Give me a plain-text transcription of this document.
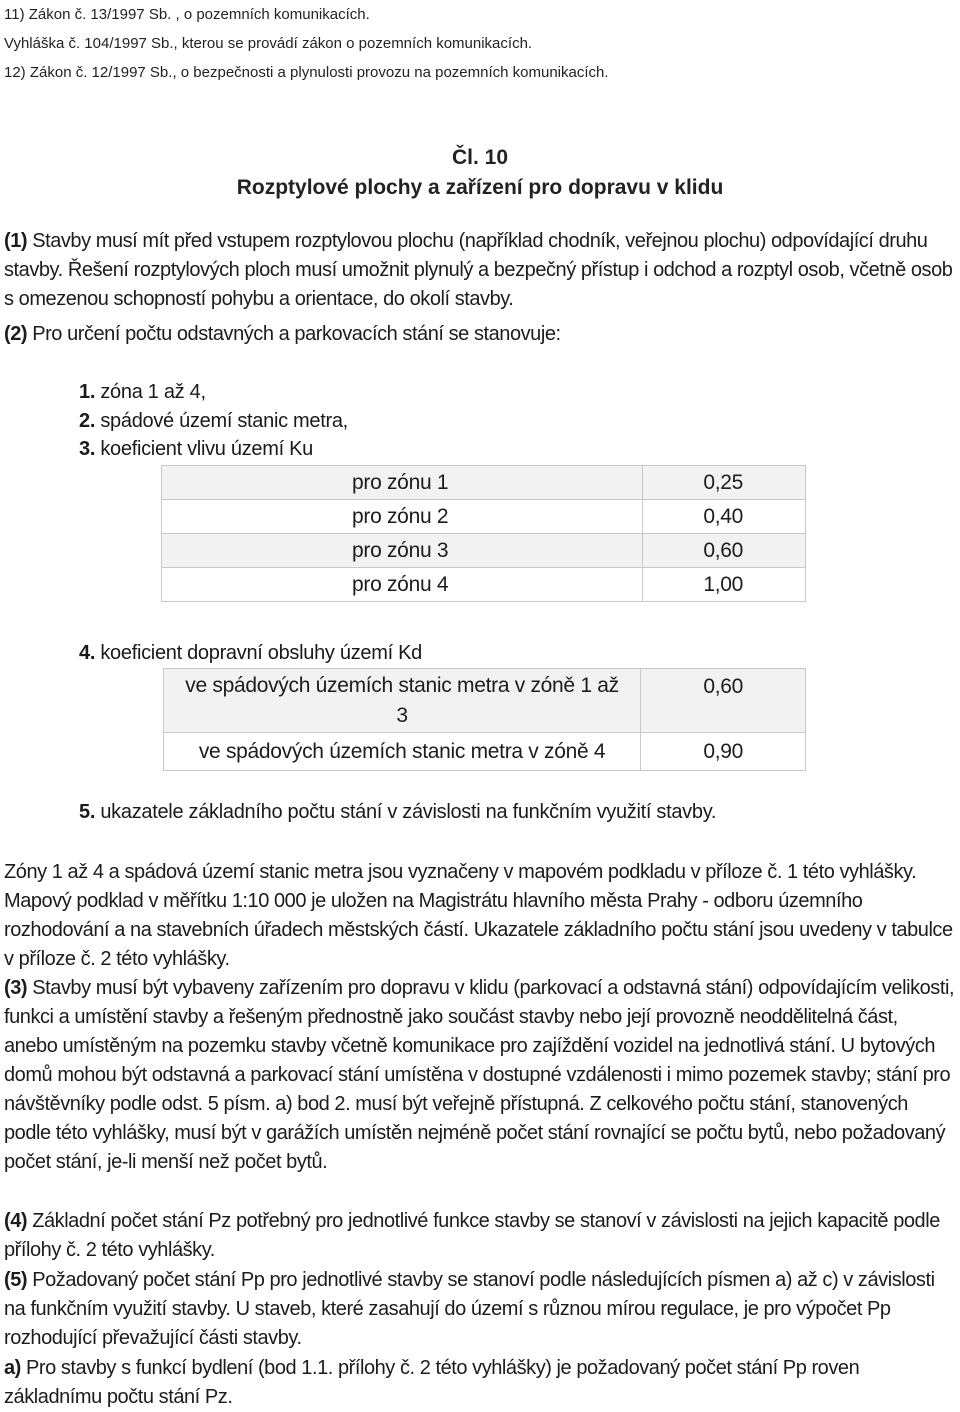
11) Zákon č. 13/1997 Sb. , o pozemních komunikacích.
Vyhláška č. 104/1997 Sb., kterou se provádí zákon o pozemních komunikacích.
12) Zákon č. 12/1997 Sb., o bezpečnosti a plynulosti provozu na pozemních komunikacích.
Čl. 10
Rozptylové plochy a zařízení pro dopravu v klidu

(1) Stavby musí mít před vstupem rozptylovou plochu (například chodník, veřejnou plochu) odpovídající druhu stavby. Řešení rozptylových ploch musí umožnit plynulý a bezpečný přístup i odchod a rozptyl osob, včetně osob s omezenou schopností pohybu a orientace, do okolí stavby.

(2) Pro určení počtu odstavných a parkovacích stání se stanovuje:

1. zóna 1 až 4,
2. spádové území stanic metra,
3. koeficient vlivu území Ku
pro zónu 1	0,25
pro zónu 2	0,40
pro zónu 3	0,60
pro zónu 4	1,00
4. koeficient dopravní obsluhy území Kd
ve spádových územích stanic metra v zóně 1 až 3	0,60
ve spádových územích stanic metra v zóně 4	0,90
5. ukazatele základního počtu stání v závislosti na funkčním využití stavby.

Zóny 1 až 4 a spádová území stanic metra jsou vyznačeny v mapovém podkladu v příloze č. 1 této vyhlášky. Mapový podklad v měřítku 1:10 000 je uložen na Magistrátu hlavního města Prahy - odboru územního rozhodování a na stavebních úřadech městských částí. Ukazatele základního počtu stání jsou uvedeny v tabulce v příloze č. 2 této vyhlášky.

(3) Stavby musí být vybaveny zařízením pro dopravu v klidu (parkovací a odstavná stání) odpovídajícím velikosti, funkci a umístění stavby a řešeným přednostně jako součást stavby nebo její provozně neoddělitelná část, anebo umístěným na pozemku stavby včetně komunikace pro zajíždění vozidel na jednotlivá stání. U bytových domů mohou být odstavná a parkovací stání umístěna v dostupné vzdálenosti i mimo pozemek stavby; stání pro návštěvníky podle odst. 5 písm. a) bod 2. musí být veřejně přístupná. Z celkového počtu stání, stanovených podle této vyhlášky, musí být v garážích umístěn nejméně počet stání rovnající se počtu bytů, nebo požadovaný počet stání, je-li menší než počet bytů.

(4) Základní počet stání Pz potřebný pro jednotlivé funkce stavby se stanoví v závislosti na jejich kapacitě podle přílohy č. 2 této vyhlášky.

(5) Požadovaný počet stání Pp pro jednotlivé stavby se stanoví podle následujících písmen a) až c) v závislosti na funkčním využití stavby. U staveb, které zasahují do území s různou mírou regulace, je pro výpočet Pp rozhodující převažující části stavby.

a) Pro stavby s funkcí bydlení (bod 1.1. přílohy č. 2 této vyhlášky) je požadovaný počet stání Pp roven základnímu počtu stání Pz.
